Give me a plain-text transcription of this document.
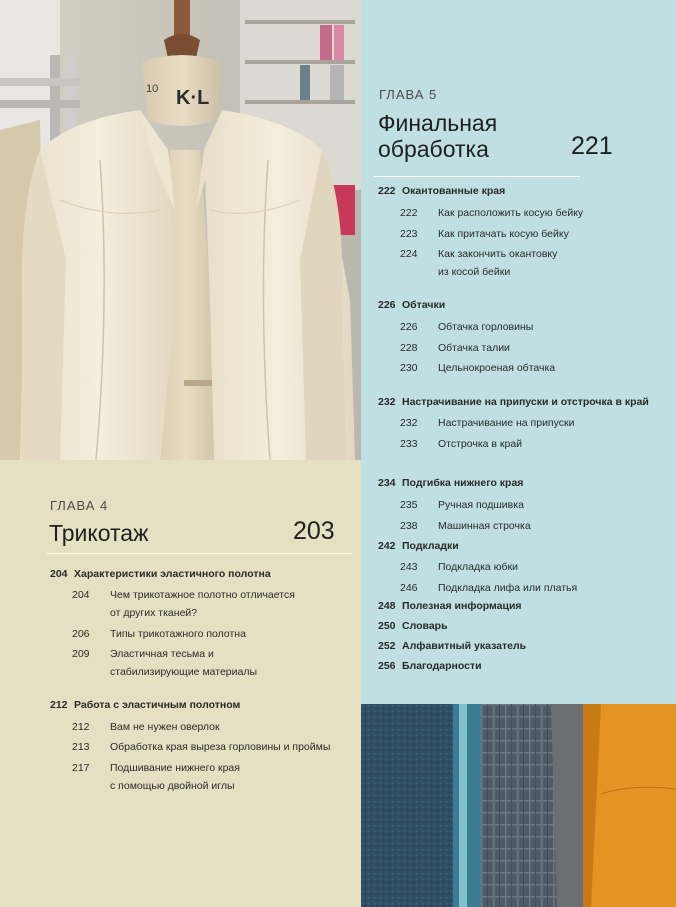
10 K·L	ГЛАВА 5
Финальная
обработка	221
222 Окантованные края
222 Как расположить косую бейку
223 Как притачать косую бейку
224 Как закончить окантовку
из косой бейки
226 Обтачки
226 Обтачка горловины
228 Обтачка талии
230 Цельнокроеная обтачка
232 Настрачивание на припуски и отстрочка в край
232 Настрачивание на припуски
233 Отстрочка в край
234 Подгибка нижнего края
235 Ручная подшивка
238 Машинная строчка
242 Подкладки
243 Подкладка юбки
246 Подкладка лифа или платья
248 Полезная информация
250 Словарь
252 Алфавитный указатель
256 Благодарности
ГЛАВА 4
Трикотаж	203
204 Характеристики эластичного полотна
204 Чем трикотажное полотно отличается
от других тканей?
206 Типы трикотажного полотна
209 Эластичная тесьма и
стабилизирующие материалы
212 Работа с эластичным полотном
212 Вам не нужен оверлок
213 Обработка края выреза горловины и проймы
217 Подшивание нижнего края
с помощью двойной иглы
